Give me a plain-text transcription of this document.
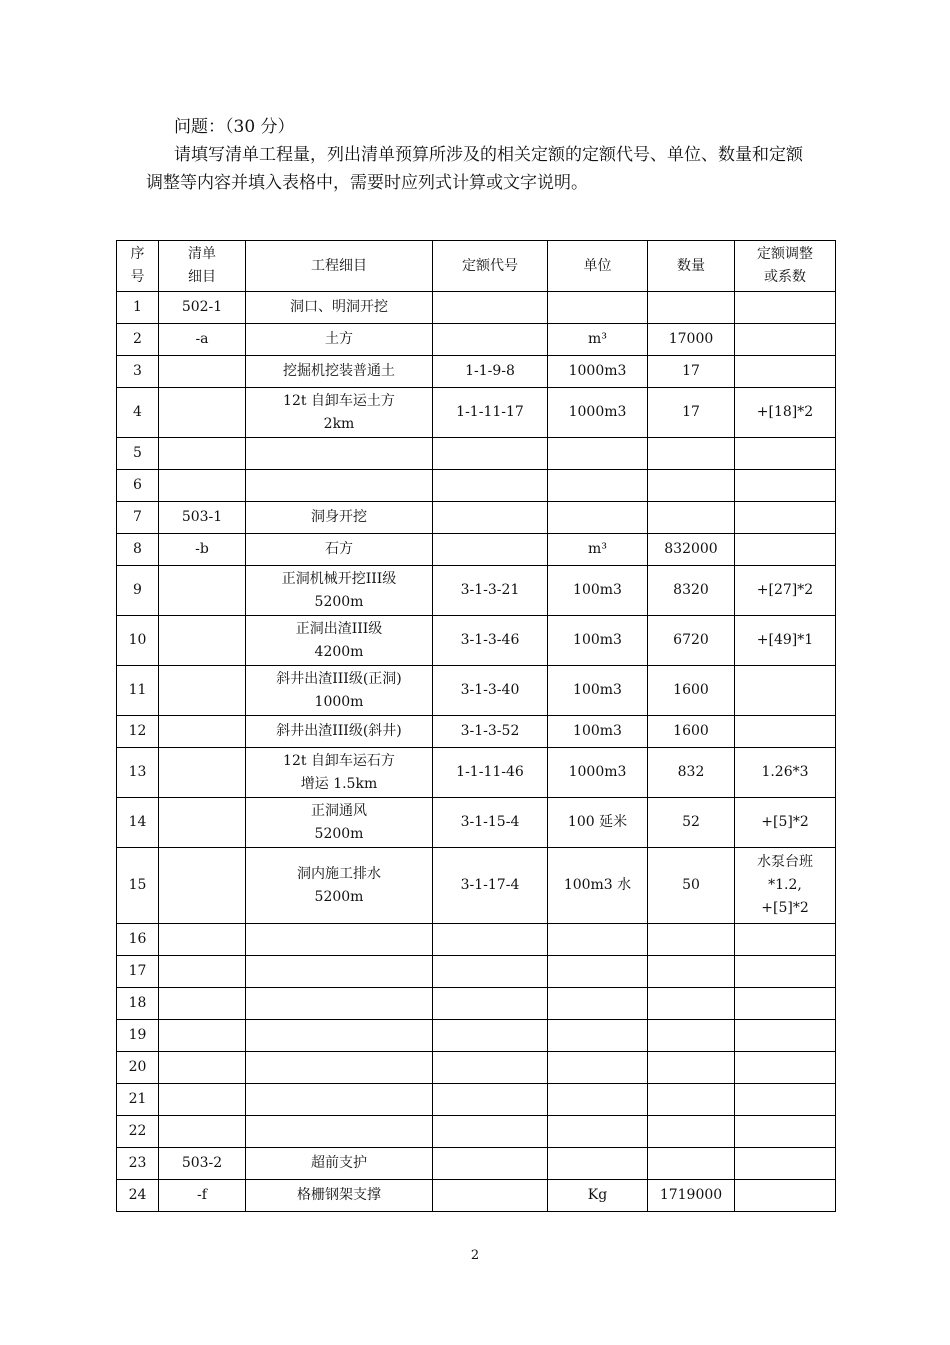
问题：（30 分）
请填写清单工程量，列出清单预算所涉及的相关定额的定额代号、单位、数量和定额调整等内容并填入表格中，需要时应列式计算或文字说明。
序
号	清单
细目	工程细目	定额代号	单位	数量	定额调整
或系数

1	502-1	洞口、明洞开挖				

2	-a	土方		m³	17000	
3		挖掘机挖装普通土	1-1-9-8	1000m3	17	
4		12t 自卸车运土方
2km	1-1-11-17	1000m3	17	+[18]*2

5						
6						
7	503-1	洞身开挖				

8	-b	石方		m³	832000	
9		正洞机械开挖III级
5200m	3-1-3-21	100m3	8320	+[27]*2

10		正洞出渣III级
4200m	3-1-3-46	100m3	6720	+[49]*1

11		斜井出渣III级(正洞)
1000m	3-1-3-40	100m3	1600	
12		斜井出渣III级(斜井)	3-1-3-52	100m3	1600	
13		12t 自卸车运石方
增运 1.5km	1-1-11-46	1000m3	832	1.26*3

14		正洞通风
5200m	3-1-15-4	100 延米	52	+[5]*2

15		洞内施工排水
5200m	3-1-17-4	100m3 水	50	水泵台班
*1.2,
+[5]*2

16						
17						
18						
19						
20						
21						
22						
23	503-2	超前支护				

24	-f	格栅钢架支撑		Kg	1719000	
2
